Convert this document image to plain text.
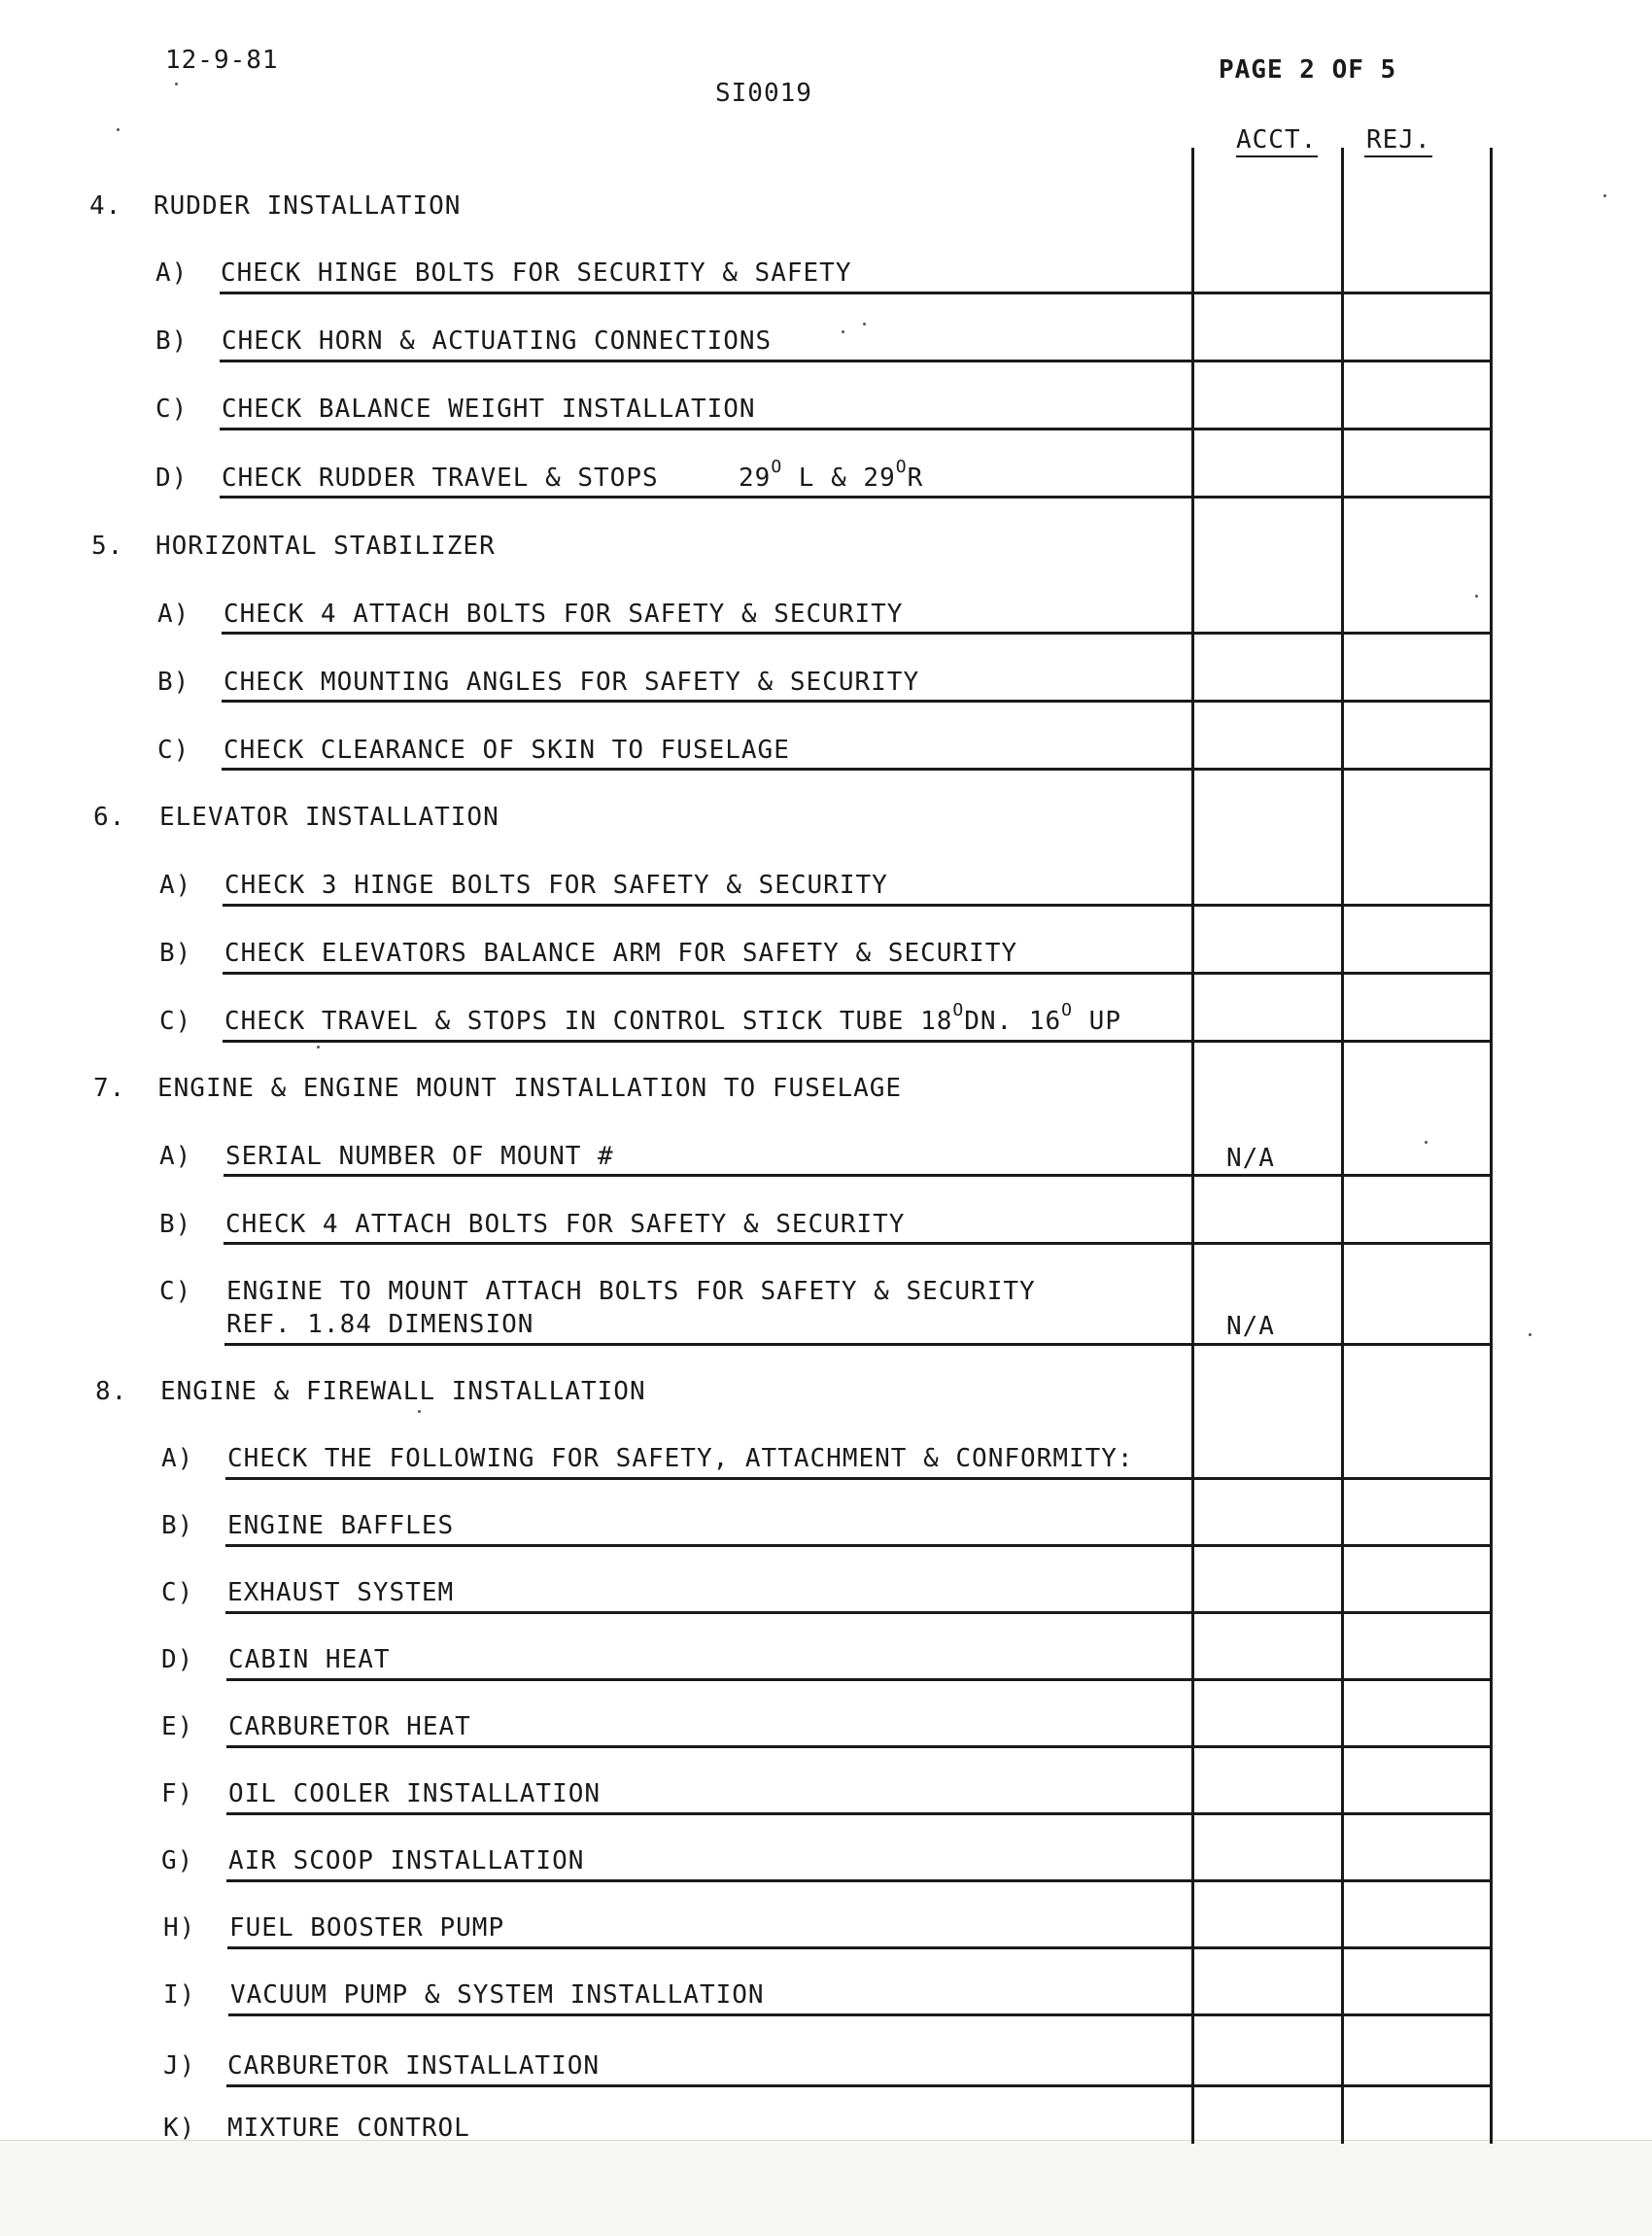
12-9-81
SI0019
PAGE 2 OF 5
ACCT. REJ.
4. RUDDER INSTALLATION
A) CHECK HINGE BOLTS FOR SECURITY & SAFETY
B) CHECK HORN & ACTUATING CONNECTIONS
C) CHECK BALANCE WEIGHT INSTALLATION
D) CHECK RUDDER TRAVEL & STOPS	$29^O$ L & $29^OR$
5. HORIZONTAL STABILIZER
A) CHECK 4 ATTACH BOLTS FOR SAFETY & SECURITY
B) CHECK MOUNTING ANGLES FOR SAFETY & SECURITY
C) CHECK CLEARANCE OF SKIN TO FUSELAGE
6. ELEVATOR INSTALLATION
A) CHECK 3 HINGE BOLTS FOR SAFETY & SECURITY
B) CHECK ELEVATORS BALANCE ARM FOR SAFETY & SECURITY
C) CHECK TRAVEL & STOPS IN CONTROL STICK TUBE $18^ODN$. $16^O$ UP
7. ENGINE & ENGINE MOUNT INSTALLATION TO FUSELAGE
A) SERIAL NUMBER OF MOUNT #	N/A
B) CHECK 4 ATTACH BOLTS FOR SAFETY & SECURITY
C) ENGINE TO MOUNT ATTACH BOLTS FOR SAFETY & SECURITY
REF. 1.84 DIMENSION	N/A
8. ENGINE & FIREWALL INSTALLATION
A) CHECK THE FOLLOWING FOR SAFETY, ATTACHMENT & CONFORMITY:
B) ENGINE BAFFLES
C) EXHAUST SYSTEM
D) CABIN HEAT
E) CARBURETOR HEAT
F) OIL COOLER INSTALLATION
G) AIR SCOOP INSTALLATION
H) FUEL BOOSTER PUMP
I) VACUUM PUMP & SYSTEM INSTALLATION
J) CARBURETOR INSTALLATION
K) MIXTURE CONTROL
